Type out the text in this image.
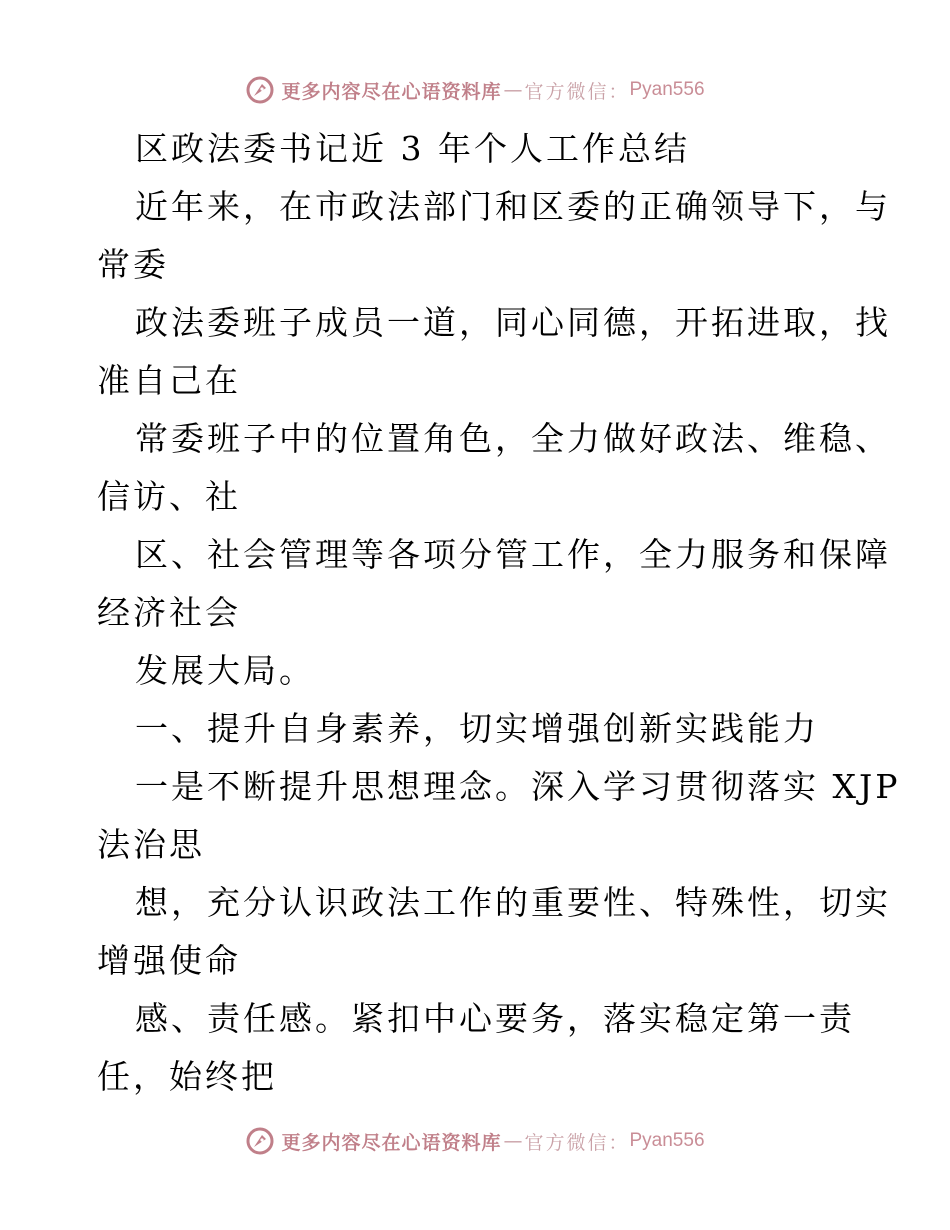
更多内容尽在心语资料库 — 官方微信： Pyan556
区政法委书记近 3 年个人工作总结
近年来，在市政法部门和区委的正确领导下，与
常委
政法委班子成员一道，同心同德，开拓进取，找
准自己在
常委班子中的位置角色，全力做好政法、维稳、
信访、社
区、社会管理等各项分管工作，全力服务和保障
经济社会
发展大局。
一、提升自身素养，切实增强创新实践能力
一是不断提升思想理念。深入学习贯彻落实 XJP
法治思
想，充分认识政法工作的重要性、特殊性，切实
增强使命
感、责任感。紧扣中心要务，落实稳定第一责
任，始终把
更多内容尽在心语资料库 — 官方微信： Pyan556
